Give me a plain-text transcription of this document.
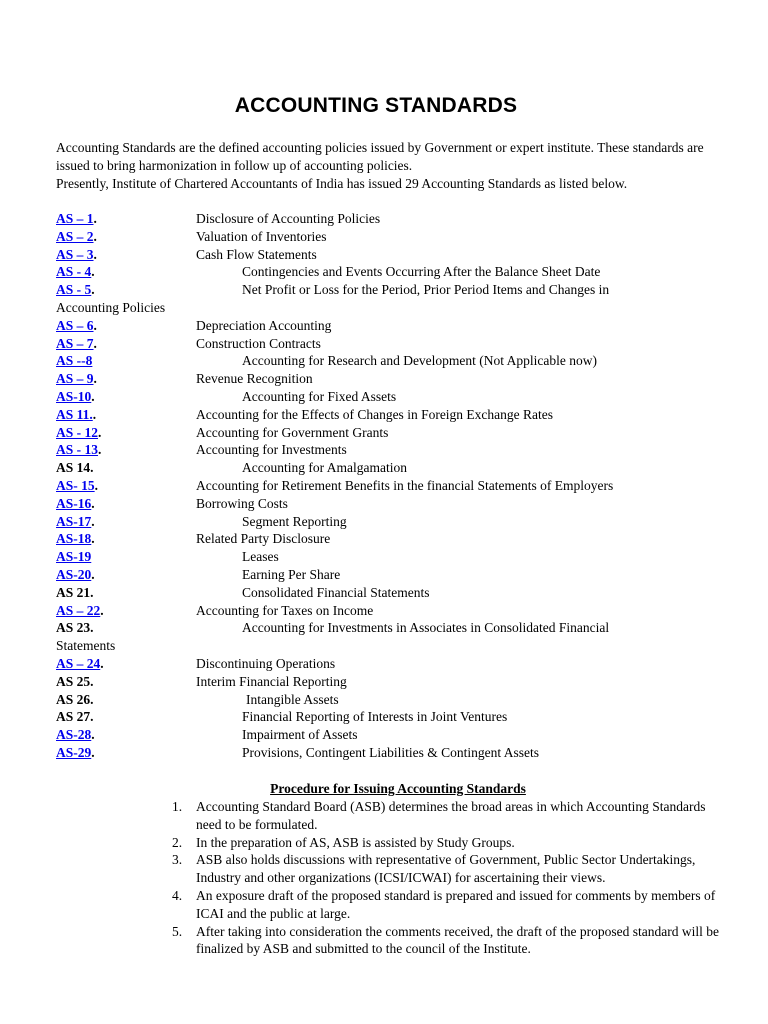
ACCOUNTING STANDARDS

Accounting Standards are the defined accounting policies issued by Government or expert institute. These standards are issued to bring harmonization in follow up of accounting policies.

Presently, Institute of Chartered Accountants of India has issued 29 Accounting Standards as listed below.

AS – 1.	Disclosure of Accounting Policies
AS – 2.	Valuation of Inventories
AS – 3.	Cash Flow Statements
AS - 4.	Contingencies and Events Occurring After the Balance Sheet Date
AS - 5.	Net Profit or Loss for the Period, Prior Period Items and Changes in
Accounting Policies
AS – 6.	Depreciation Accounting
AS – 7.	Construction Contracts
AS --8	Accounting for Research and Development (Not Applicable now)
AS – 9.	Revenue Recognition
AS-10.	Accounting for Fixed Assets
AS 11..	Accounting for the Effects of Changes in Foreign Exchange Rates
AS - 12.	Accounting for Government Grants
AS - 13.	Accounting for Investments
AS 14.	Accounting for Amalgamation
AS- 15.	Accounting for Retirement Benefits in the financial Statements of Employers
AS-16.	Borrowing Costs
AS-17.	Segment Reporting
AS-18.	Related Party Disclosure
AS-19	Leases
AS-20.	Earning Per Share
AS 21.	Consolidated Financial Statements
AS – 22.	Accounting for Taxes on Income
AS 23.	Accounting for Investments in Associates in Consolidated Financial
Statements
AS – 24.	Discontinuing Operations
AS 25.	Interim Financial Reporting
AS 26.	Intangible Assets
AS 27.	Financial Reporting of Interests in Joint Ventures
AS-28.	Impairment of Assets
AS-29.	Provisions, Contingent Liabilities & Contingent Assets
Procedure for Issuing Accounting Standards
1. Accounting Standard Board (ASB) determines the broad areas in which Accounting Standards need to be formulated.
2. In the preparation of AS, ASB is assisted by Study Groups.
3. ASB also holds discussions with representative of Government, Public Sector Undertakings, Industry and other organizations (ICSI/ICWAI) for ascertaining their views.
4. An exposure draft of the proposed standard is prepared and issued for comments by members of ICAI and the public at large.
5. After taking into consideration the comments received, the draft of the proposed standard will be finalized by ASB and submitted to the council of the Institute.
